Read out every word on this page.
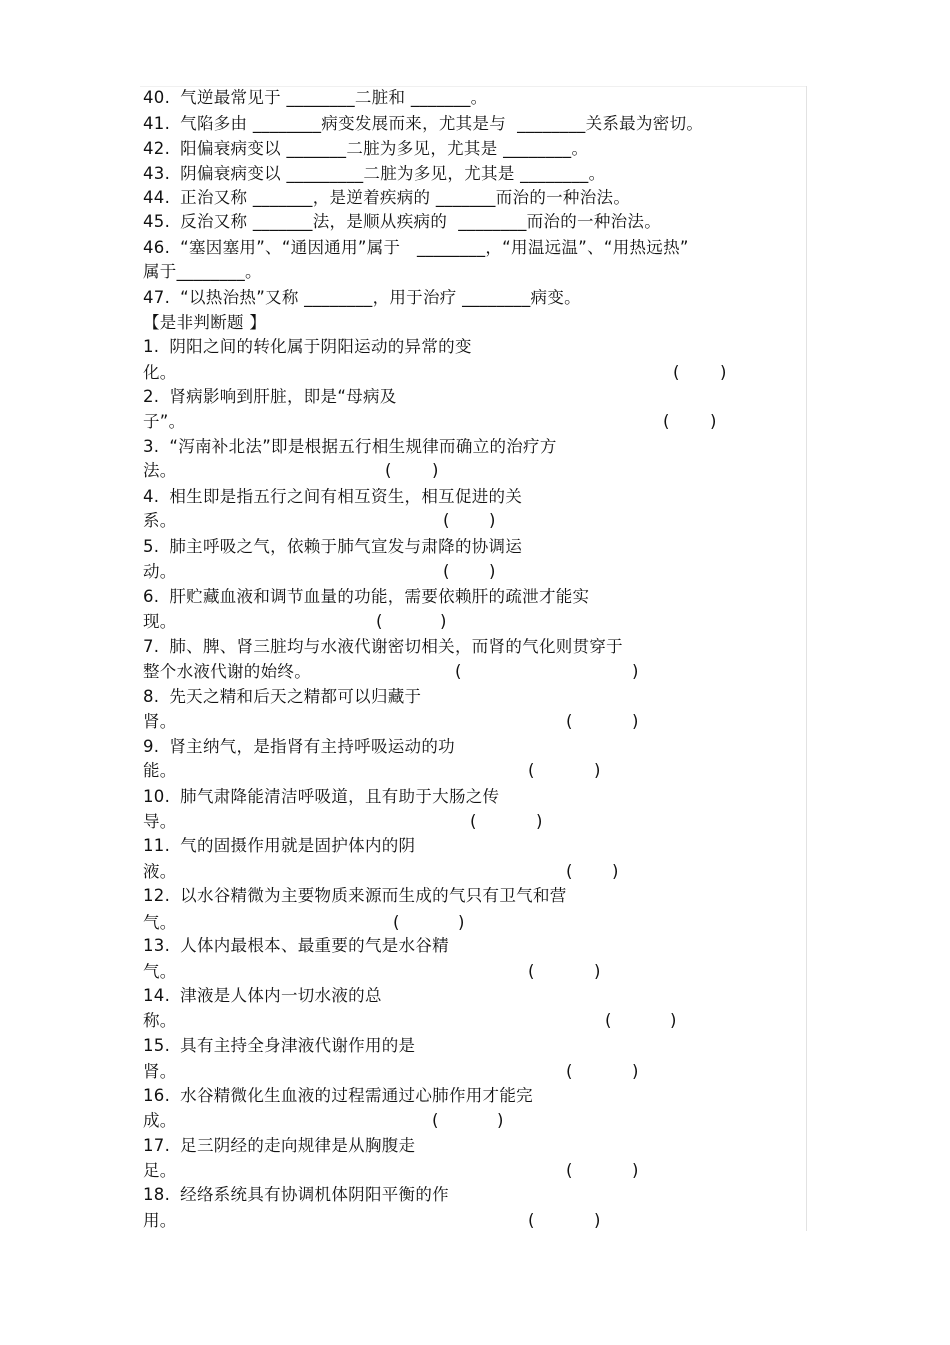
40. 气逆最常见于 ________二脏和 _______。
41. 气陷多由 ________病变发展而来，尤其是与  ________关系最为密切。
42. 阳偏衰病变以 _______二脏为多见，尤其是 ________。
43. 阴偏衰病变以 _________二脏为多见，尤其是 ________。
44. 正治又称 _______，是逆着疾病的 _______而治的一种治法。
45. 反治又称 _______法，是顺从疾病的  ________而治的一种治法。
46. “塞因塞用”、“通因通用”属于   ________，“用温远温”、“用热远热”
属于________。
47. “以热治热”又称 ________，用于治疗 ________病变。
【是非判断题 】
1. 阴阳之间的转化属于阴阳运动的异常的变
化。	( )
2. 肾病影响到肝脏，即是“母病及
子”。	( )
3. “泻南补北法”即是根据五行相生规律而确立的治疗方
法。	( )
4. 相生即是指五行之间有相互资生，相互促进的关
系。	( )
5. 肺主呼吸之气，依赖于肺气宣发与肃降的协调运
动。	( )
6. 肝贮藏血液和调节血量的功能，需要依赖肝的疏泄才能实
现。	(	)
7. 肺、脾、肾三脏均与水液代谢密切相关，而肾的气化则贯穿于
整个水液代谢的始终。	(	)
8. 先天之精和后天之精都可以归藏于
肾。	(	)
9. 肾主纳气，是指肾有主持呼吸运动的功
能。	(	)
10. 肺气肃降能清洁呼吸道，且有助于大肠之传
导。	(	)
11. 气的固摄作用就是固护体内的阴
液。	( )
12. 以水谷精微为主要物质来源而生成的气只有卫气和营
气。	(	)
13. 人体内最根本、最重要的气是水谷精
气。	(	)
14. 津液是人体内一切水液的总
称。	(	)
15. 具有主持全身津液代谢作用的是
肾。	(	)
16. 水谷精微化生血液的过程需通过心肺作用才能完
成。	(	)
17. 足三阴经的走向规律是从胸腹走
足。	(	)
18. 经络系统具有协调机体阴阳平衡的作
用。	(	)
